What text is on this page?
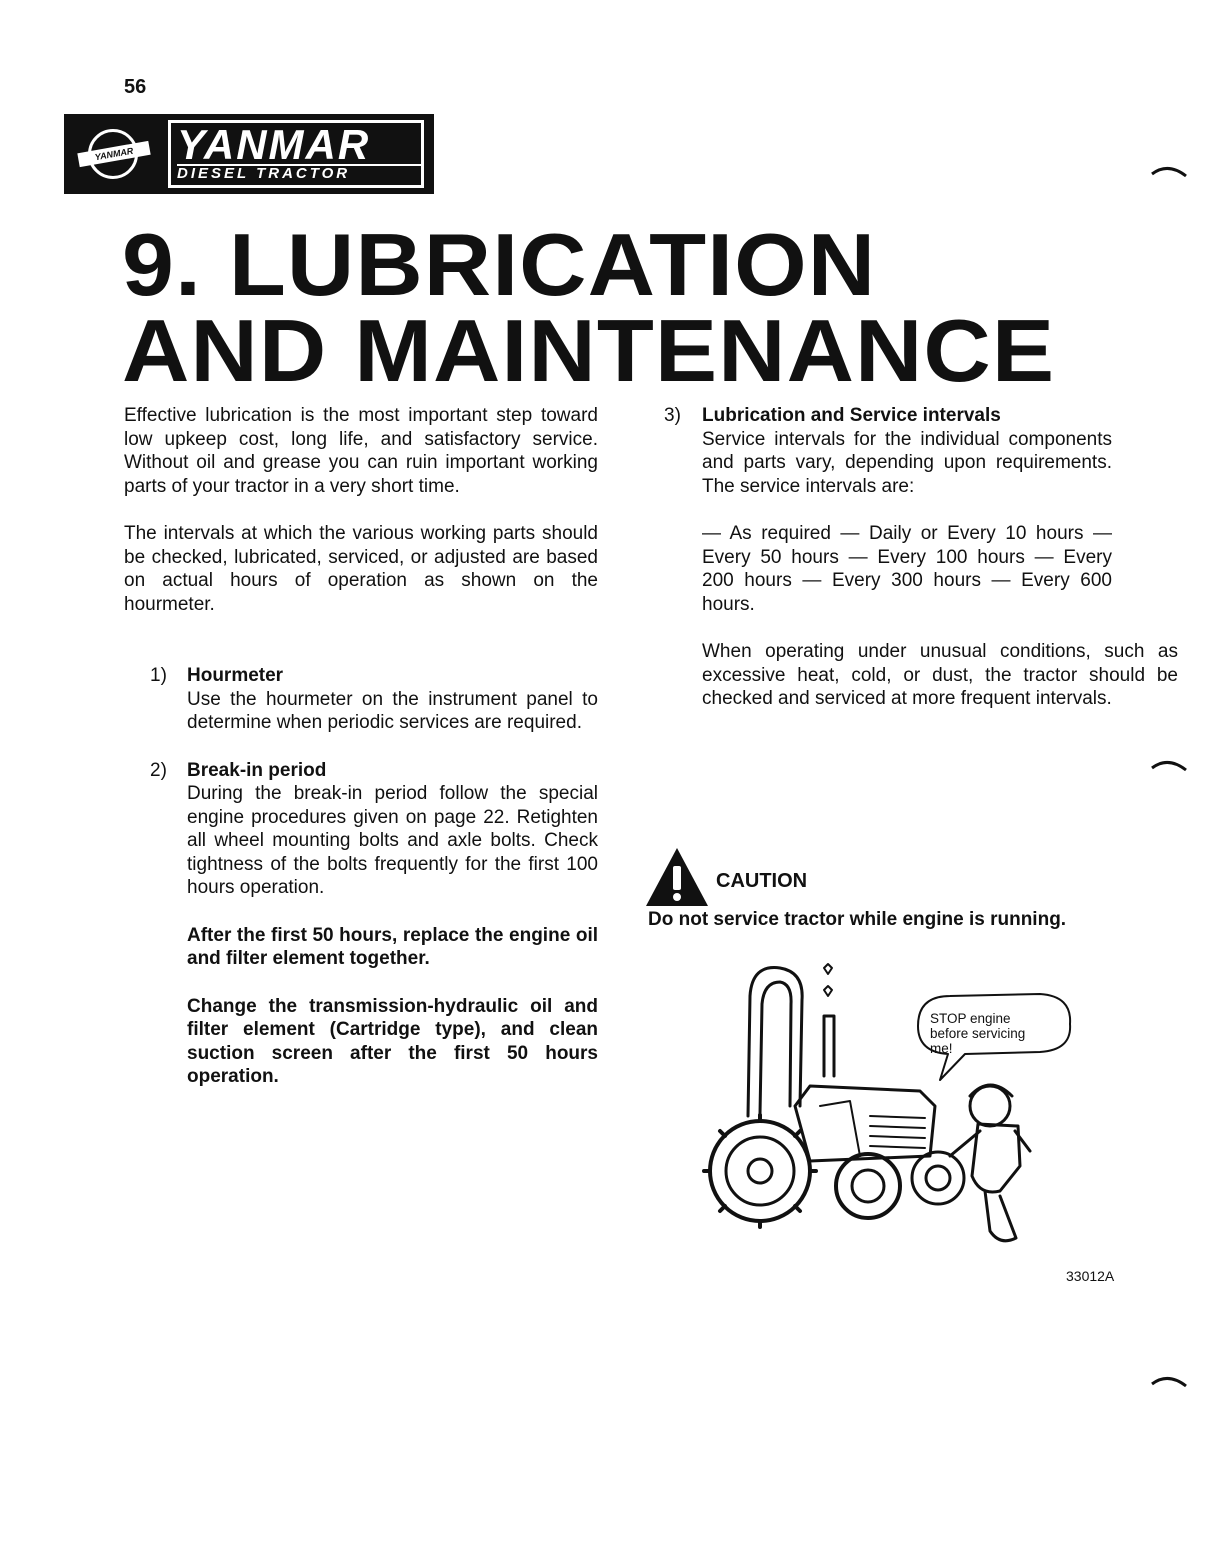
56
YANMAR	YANMAR
DIESEL TRACTOR
9. LUBRICATION
AND MAINTENANCE

Effective lubrication is the most important step toward low upkeep cost, long life, and satisfactory service. Without oil and grease you can ruin important working parts of your tractor in a very short time.

The intervals at which the various working parts should be checked, lubricated, serviced, or adjusted are based on actual hours of operation as shown on the hourmeter.

1) Hourmeter

Use the hourmeter on the instrument panel to determine when periodic services are required.

2) Break-in period

During the break-in period follow the special engine procedures given on page 22. Retighten all wheel mounting bolts and axle bolts. Check tightness of the bolts frequently for the first 100 hours operation.

After the first 50 hours, replace the engine oil and filter element together.

Change the transmission-hydraulic oil and filter element (Cartridge type), and clean suction screen after the first 50 hours operation.

3) Lubrication and Service intervals

Service intervals for the individual components and parts vary, depending upon requirements. The service intervals are:

— As required — Daily or Every 10 hours — Every 50 hours — Every 100 hours — Every 200 hours — Every 300 hours — Every 600 hours.

When operating under unusual conditions, such as excessive heat, cold, or dust, the tractor should be checked and serviced at more frequent intervals.

CAUTION
Do not service tractor while engine is running.
STOP engine
before servicing
me!
33012A
